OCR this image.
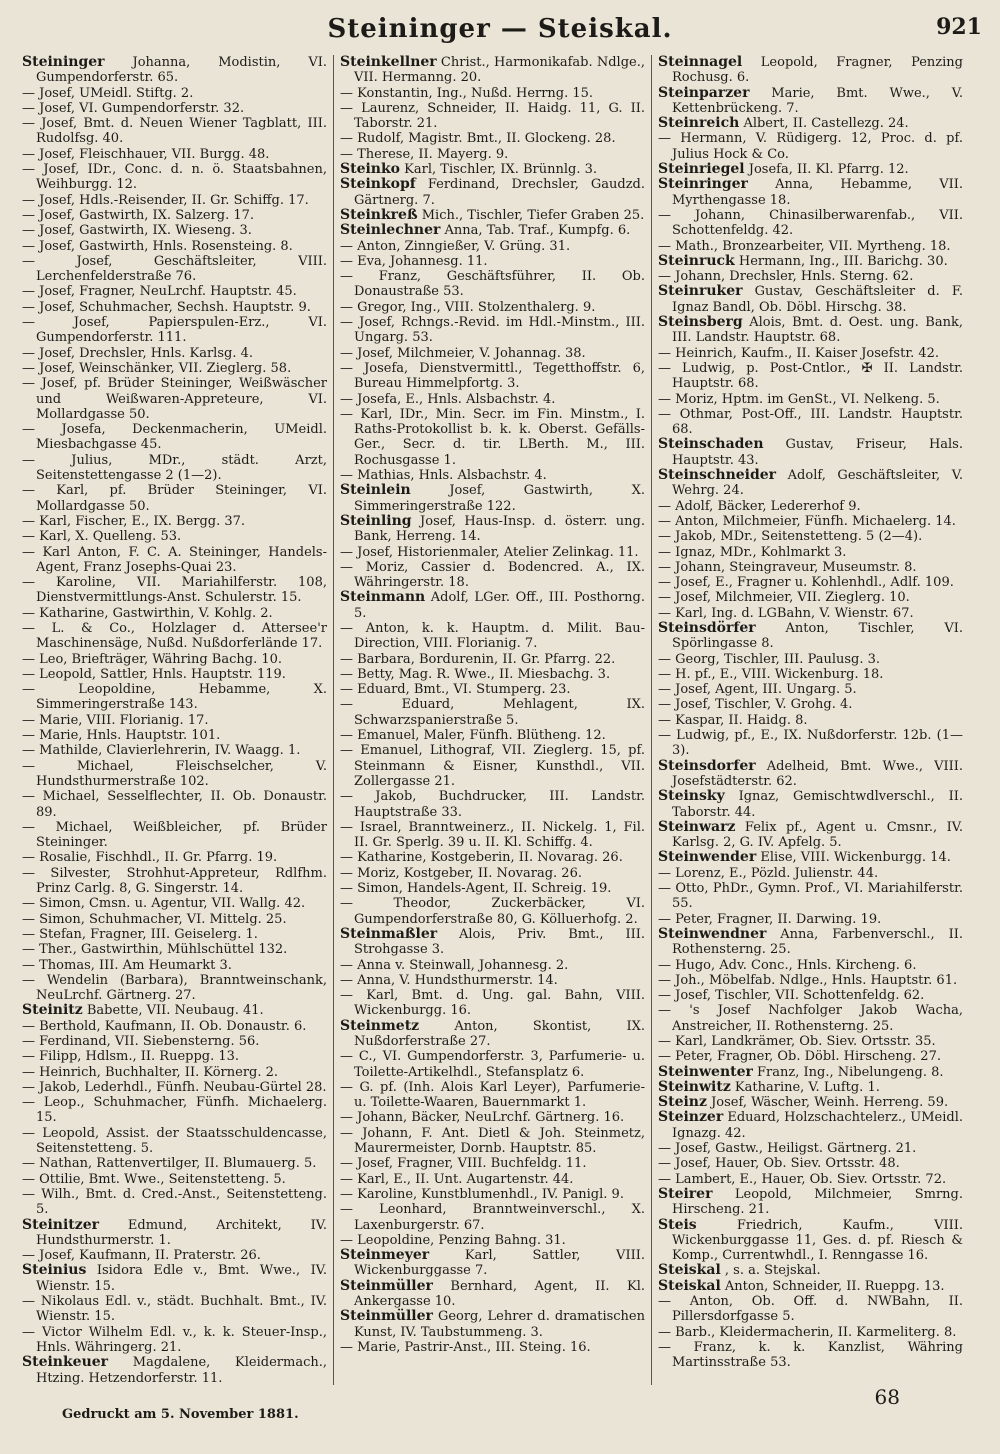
Steininger — Steiskal.	921

Steininger Johanna, Modistin, VI. Gumpendorferstr. 65.

— Josef, UMeidl. Stiftg. 2.

— Josef, VI. Gumpendorferstr. 32.

— Josef, Bmt. d. Neuen Wiener Tagblatt, III. Rudolfsg. 40.

— Josef, Fleischhauer, VII. Burgg. 48.

— Josef, IDr., Conc. d. n. ö. Staatsbahnen, Weihburgg. 12.

— Josef, Hdls.-Reisender, II. Gr. Schiffg. 17.

— Josef, Gastwirth, IX. Salzerg. 17.

— Josef, Gastwirth, IX. Wieseng. 3.

— Josef, Gastwirth, Hnls. Rosensteing. 8.

— Josef, Geschäftsleiter, VIII. Lerchenfelderstraße 76.

— Josef, Fragner, NeuLrchf. Hauptstr. 45.

— Josef, Schuhmacher, Sechsh. Hauptstr. 9.

— Josef, Papierspulen-Erz., VI. Gumpendorferstr. 111.

— Josef, Drechsler, Hnls. Karlsg. 4.

— Josef, Weinschänker, VII. Zieglerg. 58.

— Josef, pf. Brüder Steininger, Weißwäscher und Weißwaren-Appreteure, VI. Mollardgasse 50.

— Josefa, Deckenmacherin, UMeidl. Miesbachgasse 45.

— Julius, MDr., städt. Arzt, Seitenstettengasse 2 (1—2).

— Karl, pf. Brüder Steininger, VI. Mollardgasse 50.

— Karl, Fischer, E., IX. Bergg. 37.

— Karl, X. Quelleng. 53.

— Karl Anton, F. C. A. Steininger, Handels-Agent, Franz Josephs-Quai 23.

— Karoline, VII. Mariahilferstr. 108, Dienstvermittlungs-Anst. Schulerstr. 15.

— Katharine, Gastwirthin, V. Kohlg. 2.

— L. & Co., Holzlager d. Attersee'r Maschinensäge, Nußd. Nußdorferlände 17.

— Leo, Briefträger, Währing Bachg. 10.

— Leopold, Sattler, Hnls. Hauptstr. 119.

— Leopoldine, Hebamme, X. Simmeringerstraße 143.

— Marie, VIII. Florianig. 17.

— Marie, Hnls. Hauptstr. 101.

— Mathilde, Clavierlehrerin, IV. Waagg. 1.

— Michael, Fleischselcher, V. Hundsthurmerstraße 102.

— Michael, Sesselflechter, II. Ob. Donaustr. 89.

— Michael, Weißbleicher, pf. Brüder Steininger.

— Rosalie, Fischhdl., II. Gr. Pfarrg. 19.

— Silvester, Strohhut-Appreteur, Rdlfhm. Prinz Carlg. 8, G. Singerstr. 14.

— Simon, Cmsn. u. Agentur, VII. Wallg. 42.

— Simon, Schuhmacher, VI. Mittelg. 25.

— Stefan, Fragner, III. Geiselerg. 1.

— Ther., Gastwirthin, Mühlschüttel 132.

— Thomas, III. Am Heumarkt 3.

— Wendelin (Barbara), Branntweinschank, NeuLrchf. Gärtnerg. 27.

Steinitz Babette, VII. Neubaug. 41.

— Berthold, Kaufmann, II. Ob. Donaustr. 6.

— Ferdinand, VII. Siebensterng. 56.

— Filipp, Hdlsm., II. Rueppg. 13.

— Heinrich, Buchhalter, II. Körnerg. 2.

— Jakob, Lederhdl., Fünfh. Neubau-Gürtel 28.

— Leop., Schuhmacher, Fünfh. Michaelerg. 15.

— Leopold, Assist. der Staatsschuldencasse, Seitenstetteng. 5.

— Nathan, Rattenvertilger, II. Blumauerg. 5.

— Ottilie, Bmt. Wwe., Seitenstetteng. 5.

— Wilh., Bmt. d. Cred.-Anst., Seitenstetteng. 5.

Steinitzer Edmund, Architekt, IV. Hundsthurmerstr. 1.

— Josef, Kaufmann, II. Praterstr. 26.

Steinius Isidora Edle v., Bmt. Wwe., IV. Wienstr. 15.

— Nikolaus Edl. v., städt. Buchhalt. Bmt., IV. Wienstr. 15.

— Victor Wilhelm Edl. v., k. k. Steuer-Insp., Hnls. Währingerg. 21.

Steinkeuer Magdalene, Kleidermach., Htzing. Hetzendorferstr. 11.

Steinkellner Christ., Harmonikafab. Ndlge., VII. Hermanng. 20.

— Konstantin, Ing., Nußd. Herrng. 15.

— Laurenz, Schneider, II. Haidg. 11, G. II. Taborstr. 21.

— Rudolf, Magistr. Bmt., II. Glockeng. 28.

— Therese, II. Mayerg. 9.

Steinko Karl, Tischler, IX. Brünnlg. 3.

Steinkopf Ferdinand, Drechsler, Gaudzd. Gärtnerg. 7.

Steinkreß Mich., Tischler, Tiefer Graben 25.

Steinlechner Anna, Tab. Traf., Kumpfg. 6.

— Anton, Zinngießer, V. Grüng. 31.

— Eva, Johannesg. 11.

— Franz, Geschäftsführer, II. Ob. Donaustraße 53.

— Gregor, Ing., VIII. Stolzenthalerg. 9.

— Josef, Rchngs.-Revid. im Hdl.-Minstm., III. Ungarg. 53.

— Josef, Milchmeier, V. Johannag. 38.

— Josefa, Dienstvermittl., Tegetthoffstr. 6, Bureau Himmelpfortg. 3.

— Josefa, E., Hnls. Alsbachstr. 4.

— Karl, IDr., Min. Secr. im Fin. Minstm., I. Raths-Protokollist b. k. k. Oberst. Gefälls-Ger., Secr. d. tir. LBerth. M., III. Rochusgasse 1.

— Mathias, Hnls. Alsbachstr. 4.

Steinlein	Josef, Gastwirth, X. Simmeringerstraße 122.

Steinling Josef, Haus-Insp. d. österr. ung. Bank, Herreng. 14.

— Josef, Historienmaler, Atelier Zelinkag. 11.

— Moriz, Cassier d. Bodencred. A., IX. Währingerstr. 18.

Steinmann Adolf, LGer. Off., III. Posthorng. 5.

— Anton, k. k. Hauptm. d. Milit. Bau-Direction, VIII. Florianig. 7.

— Barbara, Bordurenin, II. Gr. Pfarrg. 22.

— Betty, Mag. R. Wwe., II. Miesbachg. 3.

— Eduard, Bmt., VI. Stumperg. 23.

— Eduard, Mehlagent, IX. Schwarzspanierstraße 5.

— Emanuel, Maler, Fünfh. Blütheng. 12.

— Emanuel, Lithograf, VII. Zieglerg. 15, pf. Steinmann & Eisner, Kunsthdl., VII. Zollergasse 21.

— Jakob, Buchdrucker, III. Landstr. Hauptstraße 33.

— Israel, Branntweinerz., II. Nickelg. 1, Fil. II. Gr. Sperlg. 39 u. II. Kl. Schiffg. 4.

— Katharine, Kostgeberin, II. Novarag. 26.

— Moriz, Kostgeber, II. Novarag. 26.

— Simon, Handels-Agent, II. Schreig. 19.

— Theodor, Zuckerbäcker, VI. Gumpendorferstraße 80, G. Kölluerhofg. 2.

Steinmaßler Alois, Priv. Bmt., III. Strohgasse 3.

— Anna v. Steinwall, Johannesg. 2.

— Anna, V. Hundsthurmerstr. 14.

— Karl, Bmt. d. Ung. gal. Bahn, VIII. Wickenburgg. 16.

Steinmetz	Anton, Skontist, IX. Nußdorferstraße 27.

— C., VI. Gumpendorferstr. 3, Parfumerie- u. Toilette-Artikelhdl., Stefansplatz 6.

— G. pf. (Inh. Alois Karl Leyer), Parfumerie- u. Toilette-Waaren, Bauernmarkt 1.

— Johann, Bäcker, NeuLrchf. Gärtnerg. 16.

— Johann, F. Ant. Dietl & Joh. Steinmetz, Maurermeister, Dornb. Hauptstr. 85.

— Josef, Fragner, VIII. Buchfeldg. 11.

— Karl, E., II. Unt. Augartenstr. 44.

— Karoline, Kunstblumenhdl., IV. Panigl. 9.

— Leonhard, Branntweinverschl., X. Laxenburgerstr. 67.

— Leopoldine, Penzing Bahng. 31.

Steinmeyer	Karl, Sattler, VIII. Wickenburggasse 7.

Steinmüller Bernhard, Agent, II. Kl. Ankergasse 10.

Steinmüller Georg, Lehrer d. dramatischen Kunst, IV. Taubstummeng. 3.

— Marie, Pastrir-Anst., III. Steing. 16.

Steinnagel Leopold, Fragner, Penzing Rochusg. 6.

Steinparzer Marie, Bmt. Wwe., V. Kettenbrückeng. 7.

Steinreich Albert, II. Castellezg. 24.

— Hermann, V. Rüdigerg. 12, Proc. d. pf. Julius Hock & Co.

Steinriegel Josefa, II. Kl. Pfarrg. 12.

Steinringer Anna, Hebamme, VII. Myrthengasse 18.

— Johann, Chinasilberwarenfab., VII. Schottenfeldg. 42.

— Math., Bronzearbeiter, VII. Myrtheng. 18.

Steinruck Hermann, Ing., III. Barichg. 30.

— Johann, Drechsler, Hnls. Sterng. 62.

Steinruker Gustav, Geschäftsleiter d. F. Ignaz Bandl, Ob. Döbl. Hirschg. 38.

Steinsberg Alois, Bmt. d. Oest. ung. Bank, III. Landstr. Hauptstr. 68.

— Heinrich, Kaufm., II. Kaiser Josefstr. 42.

— Ludwig, p. Post-Cntlor., ✠ II. Landstr. Hauptstr. 68.

— Moriz, Hptm. im GenSt., VI. Nelkeng. 5.

— Othmar, Post-Off., III. Landstr. Hauptstr. 68.

Steinschaden Gustav, Friseur, Hals. Hauptstr. 43.

Steinschneider Adolf, Geschäftsleiter, V. Wehrg. 24.

— Adolf, Bäcker, Ledererhof 9.

— Anton, Milchmeier, Fünfh. Michaelerg. 14.

— Jakob, MDr., Seitenstetteng. 5 (2—4).

— Ignaz, MDr., Kohlmarkt 3.

— Johann, Steingraveur, Museumstr. 8.

— Josef, E., Fragner u. Kohlenhdl., Adlf. 109.

— Josef, Milchmeier, VII. Zieglerg. 10.

— Karl, Ing. d. LGBahn, V. Wienstr. 67.

Steinsdörfer Anton, Tischler, VI. Spörlingasse 8.

— Georg, Tischler, III. Paulusg. 3.

— H. pf., E., VIII. Wickenburg. 18.

— Josef, Agent, III. Ungarg. 5.

— Josef, Tischler, V. Grohg. 4.

— Kaspar, II. Haidg. 8.

— Ludwig, pf., E., IX. Nußdorferstr. 12b. (1—3).

Steinsdorfer Adelheid, Bmt. Wwe., VIII. Josefstädterstr. 62.

Steinsky Ignaz, Gemischtwdlverschl., II. Taborstr. 44.

Steinwarz Felix pf., Agent u. Cmsnr., IV. Karlsg. 2, G. IV. Apfelg. 5.

Steinwender Elise, VIII. Wickenburgg. 14.

— Lorenz, E., Pözld. Julienstr. 44.

— Otto, PhDr., Gymn. Prof., VI. Mariahilferstr. 55.

— Peter, Fragner, II. Darwing. 19.

Steinwendner Anna, Farbenverschl., II. Rothensterng. 25.

— Hugo, Adv. Conc., Hnls. Kircheng. 6.

— Joh., Möbelfab. Ndlge., Hnls. Hauptstr. 61.

— Josef, Tischler, VII. Schottenfeldg. 62.

— 's Josef Nachfolger Jakob Wacha, Anstreicher, II. Rothensterng. 25.

— Karl, Landkrämer, Ob. Siev. Ortsstr. 35.

— Peter, Fragner, Ob. Döbl. Hirscheng. 27.

Steinwenter Franz, Ing., Nibelungeng. 8.

Steinwitz Katharine, V. Luftg. 1.

Steinz Josef, Wäscher, Weinh. Herreng. 59.

Steinzer Eduard, Holzschachtelerz., UMeidl. Ignazg. 42.

— Josef, Gastw., Heiligst. Gärtnerg. 21.

— Josef, Hauer, Ob. Siev. Ortsstr. 48.

— Lambert, E., Hauer, Ob. Siev. Ortsstr. 72.

Steirer Leopold, Milchmeier, Smrng. Hirscheng. 21.

Steis	Friedrich, Kaufm., VIII. Wickenburggasse 11, Ges. d. pf. Riesch & Komp., Currentwhdl., I. Renngasse 16.

Steiskal , s. a. Stejskal.

Steiskal Anton, Schneider, II. Rueppg. 13.

— Anton, Ob. Off. d. NWBahn, II. Pillersdorfgasse 5.

— Barb., Kleidermacherin, II. Karmeliterg. 8.

— Franz, k. k. Kanzlist, Währing Martinsstraße 53.

Gedruckt am 5. November 1881.
68
